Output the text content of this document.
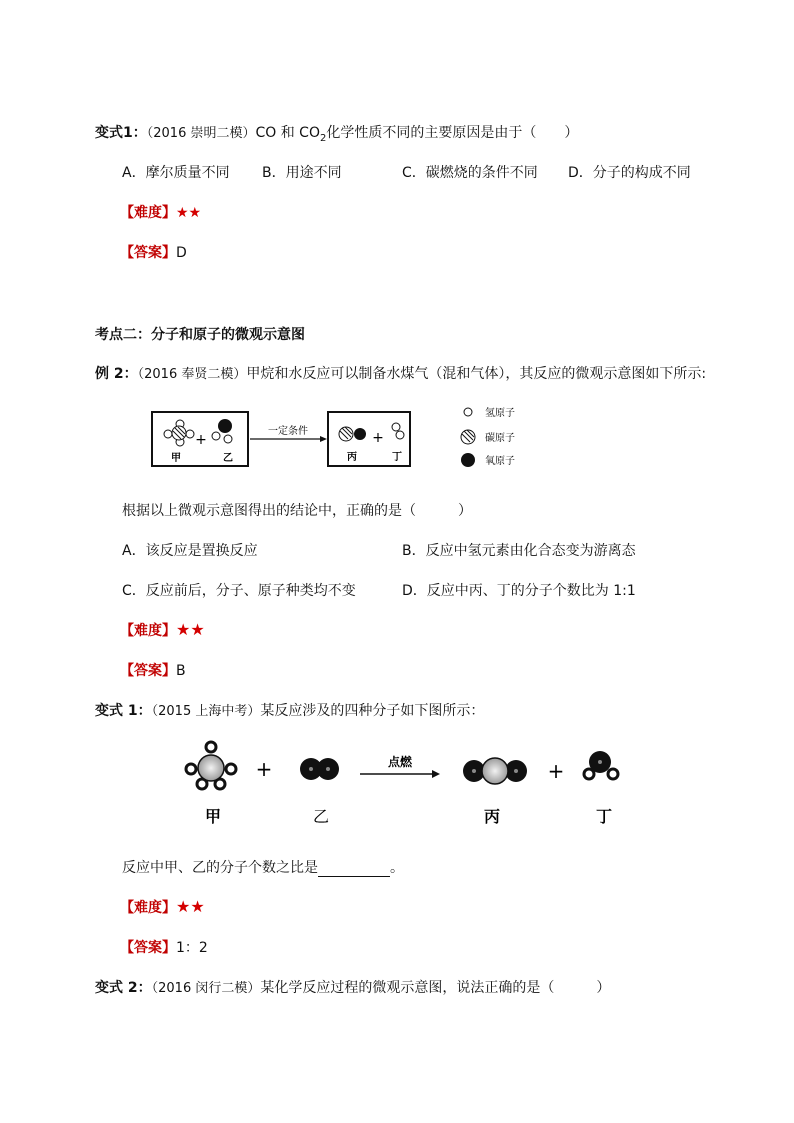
变式1：（2016 崇明二模）CO 和 $CO_2$化学性质不同的主要原因是由于（　　）
A．摩尔质量不同 B．用途不同	C．碳燃烧的条件不同 D．分子的构成不同
【难度】★★
【答案】D
考点二：分子和原子的微观示意图
例 2：（2016 奉贤二模）甲烷和水反应可以制备水煤气（混和气体），其反应的微观示意图如下所示:
+
甲	乙
一定条件	+
丙	丁
氢原子
碳原子
氧原子
根据以上微观示意图得出的结论中，正确的是（　　　）
A．该反应是置换反应	B．反应中氢元素由化合态变为游离态
C．反应前后，分子、原子种类均不变	D．反应中丙、丁的分子个数比为 1:1
【难度】★★
【答案】B
变式 1：（2015 上海中考）某反应涉及的四种分子如下图所示：
+	点燃	+
甲	乙	丙	丁
反应中甲、乙的分子个数之比是	。
【难度】★★
【答案】1：2
变式 2：（2016 闵行二模）某化学反应过程的微观示意图，说法正确的是（　　　）
